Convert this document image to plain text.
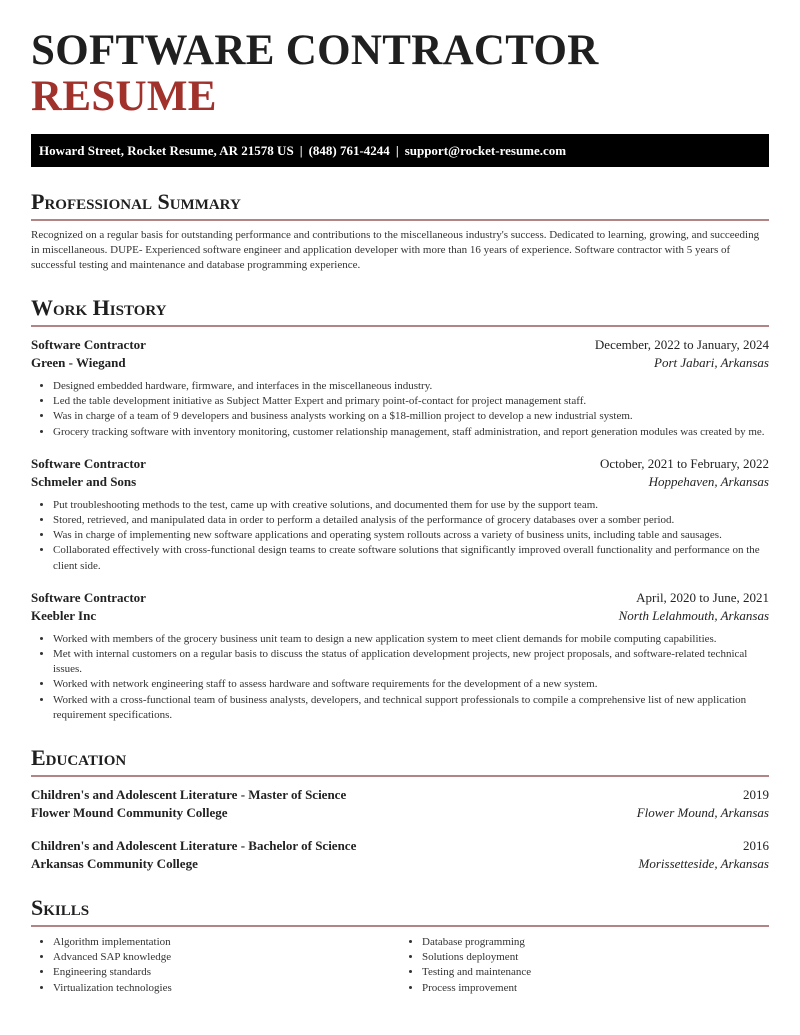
SOFTWARE CONTRACTOR RESUME
Howard Street, Rocket Resume, AR 21578 US | (848) 761-4244 | support@rocket-resume.com
Professional Summary

Recognized on a regular basis for outstanding performance and contributions to the miscellaneous industry's success. Dedicated to learning, growing, and succeeding in miscellaneous. DUPE- Experienced software engineer and application developer with more than 16 years of experience. Software contractor with 5 years of successful testing and maintenance and database programming experience.

Work History
Software Contractor	December, 2022 to January, 2024
Green - Wiegand	Port Jabari, Arkansas
• Designed embedded hardware, firmware, and interfaces in the miscellaneous industry.
• Led the table development initiative as Subject Matter Expert and primary point-of-contact for project management staff.
• Was in charge of a team of 9 developers and business analysts working on a $18-million project to develop a new industrial system.
• Grocery tracking software with inventory monitoring, customer relationship management, staff administration, and report generation modules was created by me.
Software Contractor	October, 2021 to February, 2022
Schmeler and Sons	Hoppehaven, Arkansas
• Put troubleshooting methods to the test, came up with creative solutions, and documented them for use by the support team.
• Stored, retrieved, and manipulated data in order to perform a detailed analysis of the performance of grocery databases over a somber period.
• Was in charge of implementing new software applications and operating system rollouts across a variety of business units, including table and sausages.
• Collaborated effectively with cross-functional design teams to create software solutions that significantly improved overall functionality and performance on the client side.
Software Contractor	April, 2020 to June, 2021
Keebler Inc	North Lelahmouth, Arkansas
• Worked with members of the grocery business unit team to design a new application system to meet client demands for mobile computing capabilities.
• Met with internal customers on a regular basis to discuss the status of application development projects, new project proposals, and software-related technical issues.
• Worked with network engineering staff to assess hardware and software requirements for the development of a new system.
• Worked with a cross-functional team of business analysts, developers, and technical support professionals to compile a comprehensive list of new application requirement specifications.
Education
Children's and Adolescent Literature - Master of Science	2019
Flower Mound Community College	Flower Mound, Arkansas
Children's and Adolescent Literature - Bachelor of Science	2016
Arkansas Community College	Morissetteside, Arkansas
Skills
• Algorithm implementation
• Advanced SAP knowledge
• Engineering standards
• Virtualization technologies
• Database programming
• Solutions deployment
• Testing and maintenance
• Process improvement
